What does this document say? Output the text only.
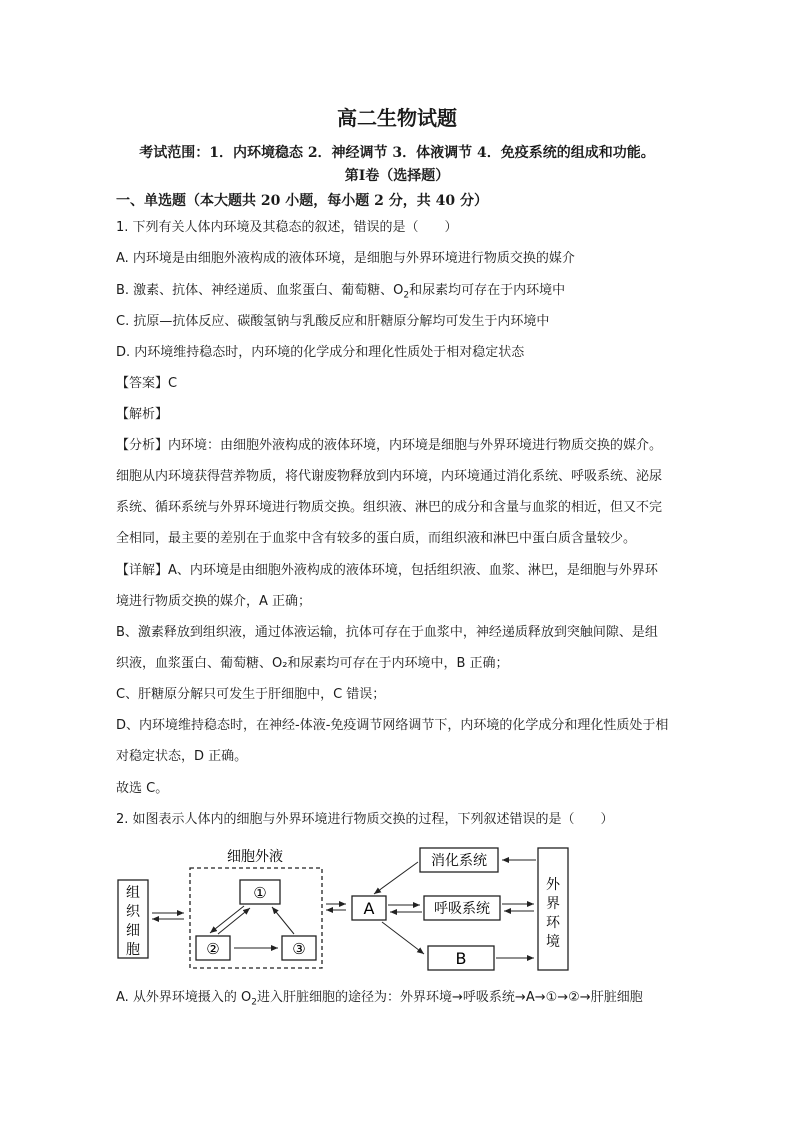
高二生物试题
考试范围：1．内环境稳态 2．神经调节 3．体液调节 4．免疫系统的组成和功能。
第Ⅰ卷（选择题）
一、单选题（本大题共 20 小题，每小题 2 分，共 40 分）
1. 下列有关人体内环境及其稳态的叙述，错误的是（　　）
A. 内环境是由细胞外液构成的液体环境，是细胞与外界环境进行物质交换的媒介
B. 激素、抗体、神经递质、血浆蛋白、葡萄糖、$O_2$和尿素均可存在于内环境中
C. 抗原—抗体反应、碳酸氢钠与乳酸反应和肝糖原分解均可发生于内环境中
D. 内环境维持稳态时，内环境的化学成分和理化性质处于相对稳定状态
【答案】C
【解析】
【分析】内环境：由细胞外液构成的液体环境，内环境是细胞与外界环境进行物质交换的媒介。
细胞从内环境获得营养物质，将代谢废物释放到内环境，内环境通过消化系统、呼吸系统、泌尿
系统、循环系统与外界环境进行物质交换。组织液、淋巴的成分和含量与血浆的相近，但又不完
全相同，最主要的差别在于血浆中含有较多的蛋白质，而组织液和淋巴中蛋白质含量较少。
【详解】A、内环境是由细胞外液构成的液体环境，包括组织液、血浆、淋巴，是细胞与外界环
境进行物质交换的媒介，A 正确；
B、激素释放到组织液，通过体液运输，抗体可存在于血浆中，神经递质释放到突触间隙、是组
织液，血浆蛋白、葡萄糖、O₂和尿素均可存在于内环境中，B 正确；
C、肝糖原分解只可发生于肝细胞中，C 错误；
D、内环境维持稳态时，在神经-体液-免疫调节网络调节下，内环境的化学成分和理化性质处于相
对稳定状态，D 正确。
故选 C。
2. 如图表示人体内的细胞与外界环境进行物质交换的过程，下列叙述错误的是（　　）
细胞外液
组
织
细
胞
①
②	③
A
消化系统
呼吸系统
B
外
界
环
境
A. 从外界环境摄入的 $O_2$进入肝脏细胞的途径为：外界环境→呼吸系统→A→①→②→肝脏细胞
